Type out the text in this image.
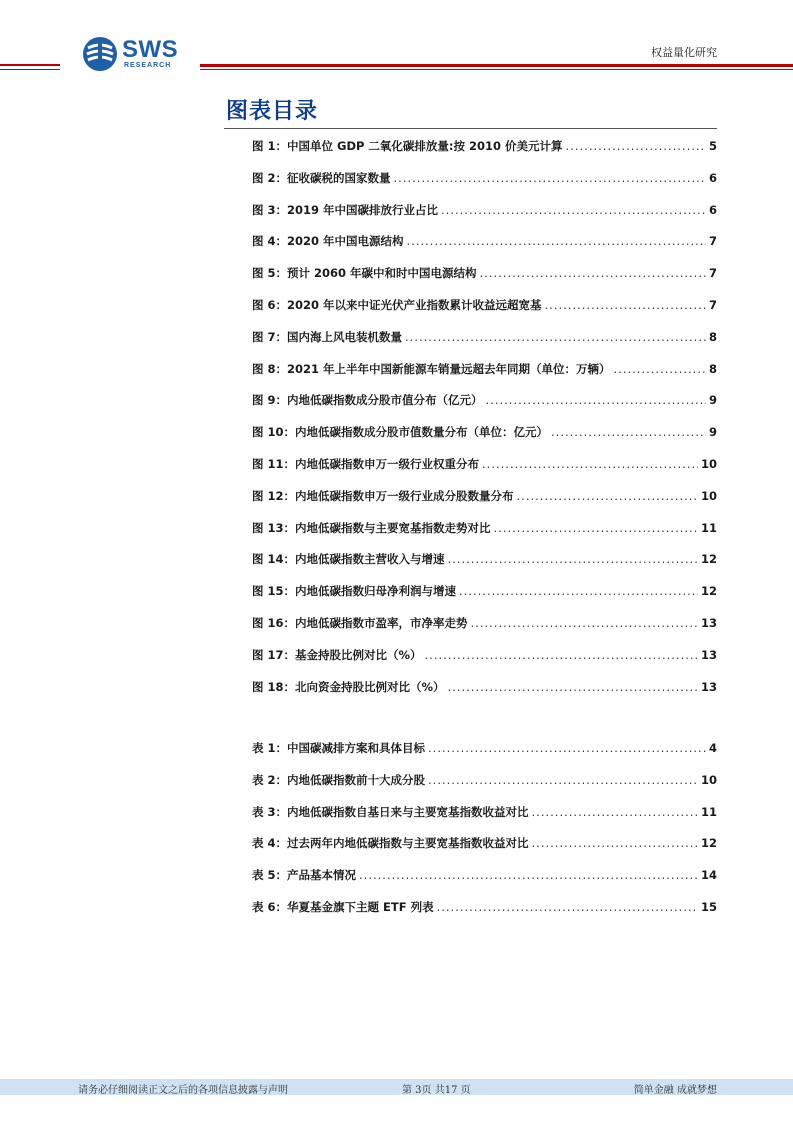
SWS
RESEARCH
权益量化研究
图表目录
图 1：中国单位 GDP 二氧化碳排放量:按 2010 价美元计算 .....	5
图 2：征收碳税的国家数量 .....	6
图 3：2019 年中国碳排放行业占比 .....	6
图 4：2020 年中国电源结构 .....	7
图 5：预计 2060 年碳中和时中国电源结构 .....	7
图 6：2020 年以来中证光伏产业指数累计收益远超宽基 .....	7
图 7：国内海上风电装机数量 .....	8
图 8：2021 年上半年中国新能源车销量远超去年同期（单位：万辆） .....	8
图 9：内地低碳指数成分股市值分布（亿元） .....	9
图 10：内地低碳指数成分股市值数量分布（单位：亿元） .....	9
图 11：内地低碳指数申万一级行业权重分布 .....	10
图 12：内地低碳指数申万一级行业成分股数量分布 .....	10
图 13：内地低碳指数与主要宽基指数走势对比 .....	11
图 14：内地低碳指数主营收入与增速 .....	12
图 15：内地低碳指数归母净利润与增速 .....	12
图 16：内地低碳指数市盈率，市净率走势 .....	13
图 17：基金持股比例对比（%） .....	13
图 18：北向资金持股比例对比（%） .....	13
表 1：中国碳减排方案和具体目标 .....	4
表 2：内地低碳指数前十大成分股 .....	10
表 3：内地低碳指数自基日来与主要宽基指数收益对比 .....	11
表 4：过去两年内地低碳指数与主要宽基指数收益对比 .....	12
表 5：产品基本情况 .....	14
表 6：华夏基金旗下主题 ETF 列表 .....	15
请务必仔细阅读正文之后的各项信息披露与声明	第 3页 共17 页	简单金融 成就梦想
